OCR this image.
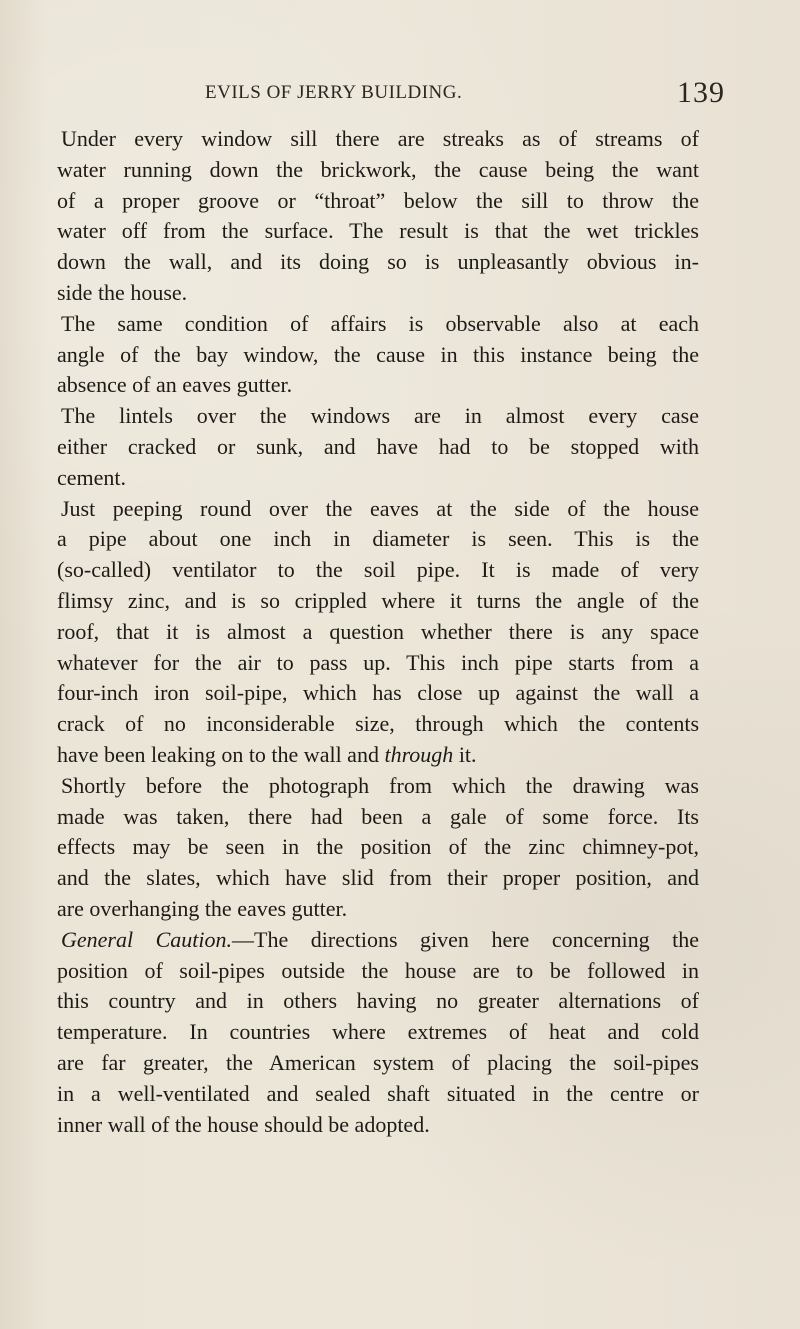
EVILS OF JERRY BUILDING.	139
Under every window sill there are streaks as of streams of
water running down the brickwork, the cause being the want
of a proper groove or “throat” below the sill to throw the
water off from the surface. The result is that the wet trickles
down the wall, and its doing so is unpleasantly obvious in-
side the house.
The same condition of affairs is observable also at each
angle of the bay window, the cause in this instance being the
absence of an eaves gutter.
The lintels over the windows are in almost every case
either cracked or sunk, and have had to be stopped with
cement.
Just peeping round over the eaves at the side of the house
a pipe about one inch in diameter is seen. This is the
(so-called) ventilator to the soil pipe. It is made of very
flimsy zinc, and is so crippled where it turns the angle of the
roof, that it is almost a question whether there is any space
whatever for the air to pass up. This inch pipe starts from a
four-inch iron soil-pipe, which has close up against the wall a
crack of no inconsiderable size, through which the contents
have been leaking on to the wall and through it.
Shortly before the photograph from which the drawing was
made was taken, there had been a gale of some force. Its
effects may be seen in the position of the zinc chimney-pot,
and the slates, which have slid from their proper position, and
are overhanging the eaves gutter.
General Caution.—The directions given here concerning the
position of soil-pipes outside the house are to be followed in
this country and in others having no greater alternations of
temperature. In countries where extremes of heat and cold
are far greater, the American system of placing the soil-pipes
in a well-ventilated and sealed shaft situated in the centre or
inner wall of the house should be adopted.
